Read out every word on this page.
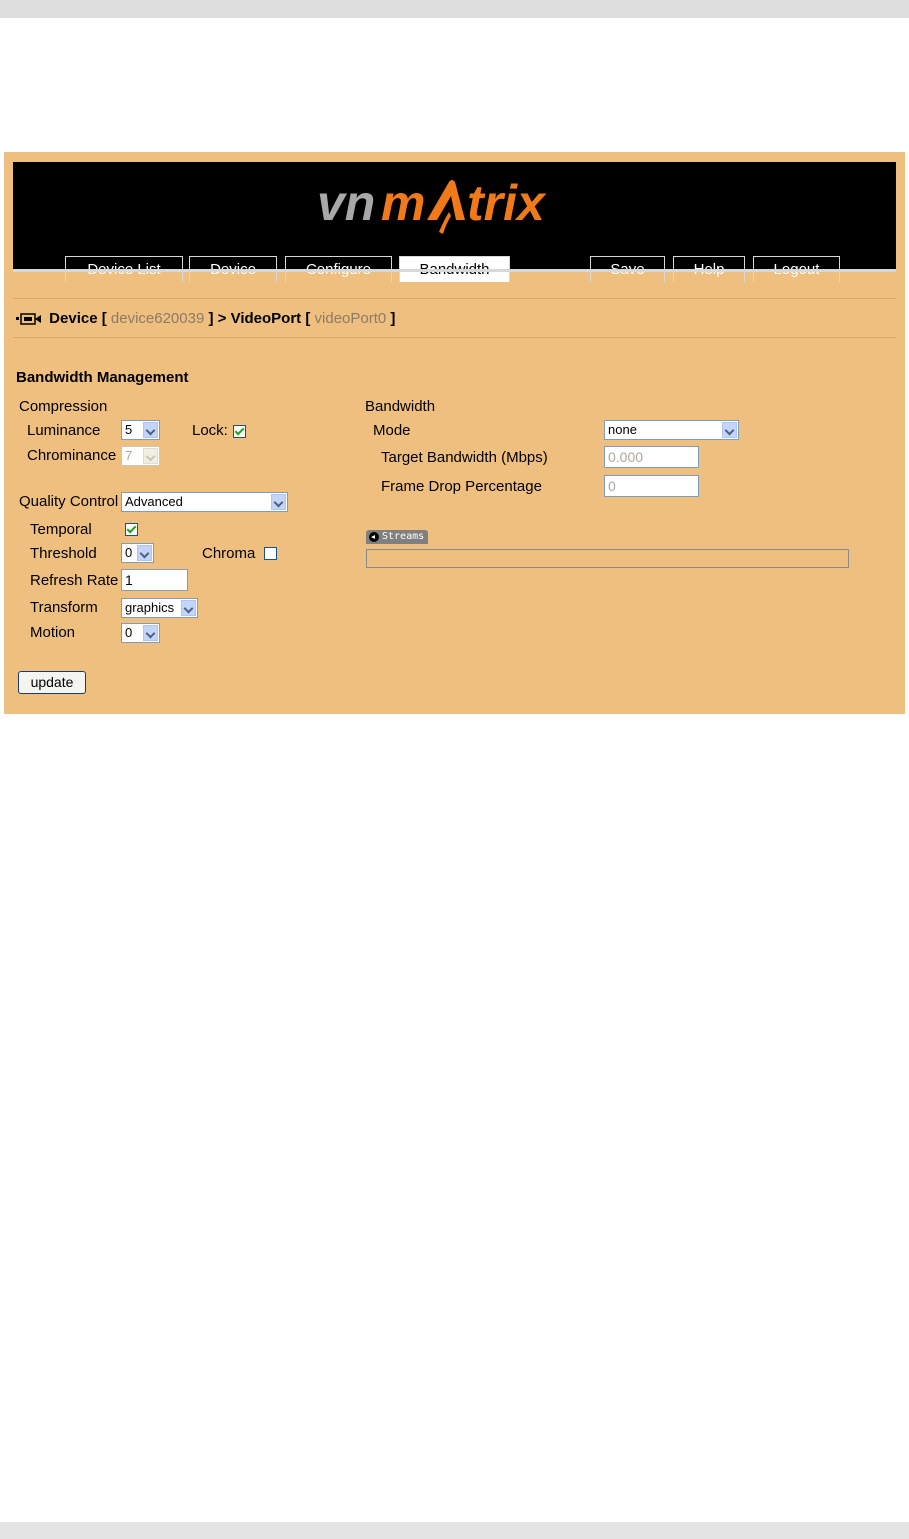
vn m trix
Device [ device620039 ] > VideoPort [ videoPort0 ]
Bandwidth Management
Compression
Luminance	5	Lock:
Chrominance 7
Quality Control Advanced
Temporal
Threshold	0	Chroma
Refresh Rate 1
Transform	graphics
Motion	0
Bandwidth
Mode	none
Target Bandwidth (Mbps)	0.000
Frame Drop Percentage	0
Streams
update
